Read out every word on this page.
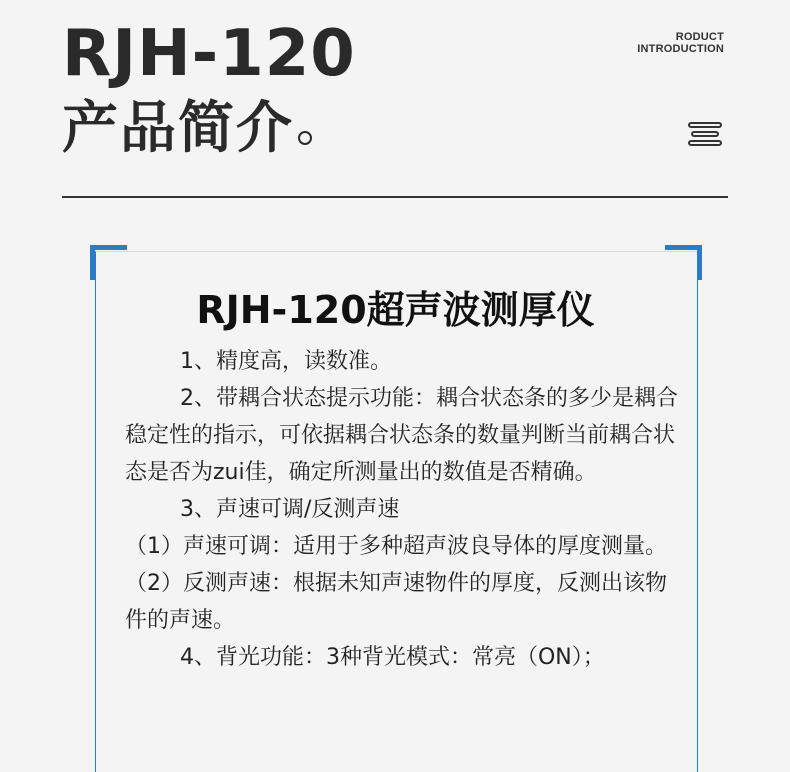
RJH-120
产品简介
RODUCT
INTRODUCTION
RJH-120超声波测厚仪

1、精度高，读数准。

2、带耦合状态提示功能：耦合状态条的多少是耦合稳定性的指示，可依据耦合状态条的数量判断当前耦合状态是否为zui佳，确定所测量出的数值是否精确。

3、声速可调/反测声速

（1）声速可调：适用于多种超声波良导体的厚度测量。

（2）反测声速：根据未知声速物件的厚度，反测出该物件的声速。

4、背光功能：3种背光模式：常亮（ON）；
